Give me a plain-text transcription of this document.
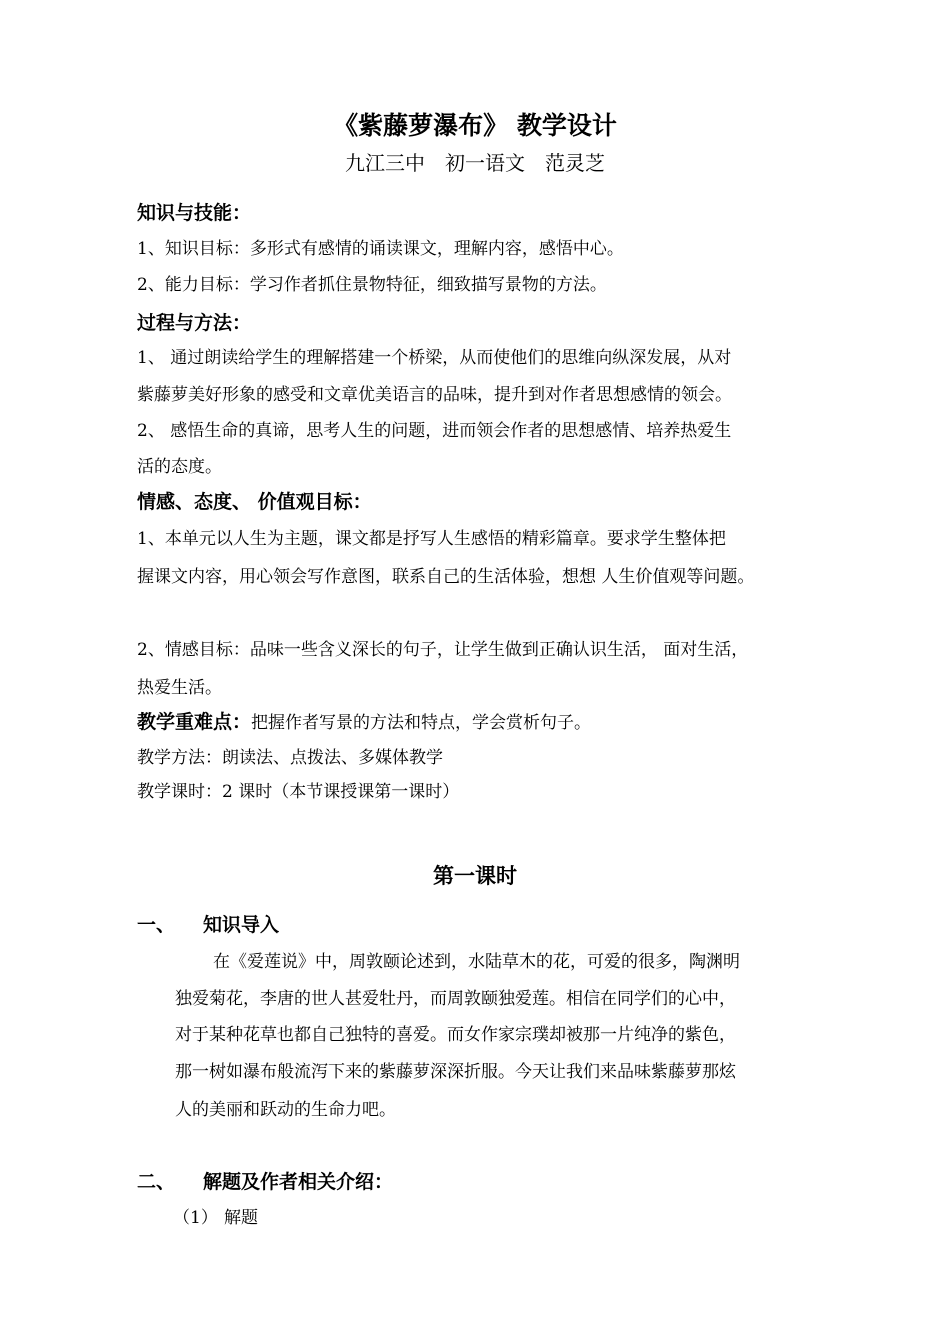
《紫藤萝瀑布》 教学设计
九江三中　初一语文　范灵芝
知识与技能：
1、知识目标：多形式有感情的诵读课文，理解内容，感悟中心。
2、能力目标：学习作者抓住景物特征，细致描写景物的方法。
过程与方法：
1、 通过朗读给学生的理解搭建一个桥梁，从而使他们的思维向纵深发展，从对
紫藤萝美好形象的感受和文章优美语言的品味，提升到对作者思想感情的领会。
2、 感悟生命的真谛，思考人生的问题，进而领会作者的思想感情、培养热爱生
活的态度。
情感、态度、 价值观目标：
1、本单元以人生为主题，课文都是抒写人生感悟的精彩篇章。要求学生整体把
握课文内容，用心领会写作意图，联系自己的生活体验，想想 人生价值观等问题。
2、情感目标：品味一些含义深长的句子，让学生做到正确认识生活， 面对生活，
热爱生活。
教学重难点：把握作者写景的方法和特点，学会赏析句子。
教学方法：朗读法、点拨法、多媒体教学
教学课时：2 课时（本节课授课第一课时）
第一课时
一、 知识导入
在《爱莲说》中，周敦颐论述到，水陆草木的花，可爱的很多，陶渊明
独爱菊花，李唐的世人甚爱牡丹，而周敦颐独爱莲。相信在同学们的心中，
对于某种花草也都自己独特的喜爱。而女作家宗璞却被那一片纯净的紫色，
那一树如瀑布般流泻下来的紫藤萝深深折服。今天让我们来品味紫藤萝那炫
人的美丽和跃动的生命力吧。
二、 解题及作者相关介绍：
（1） 解题
